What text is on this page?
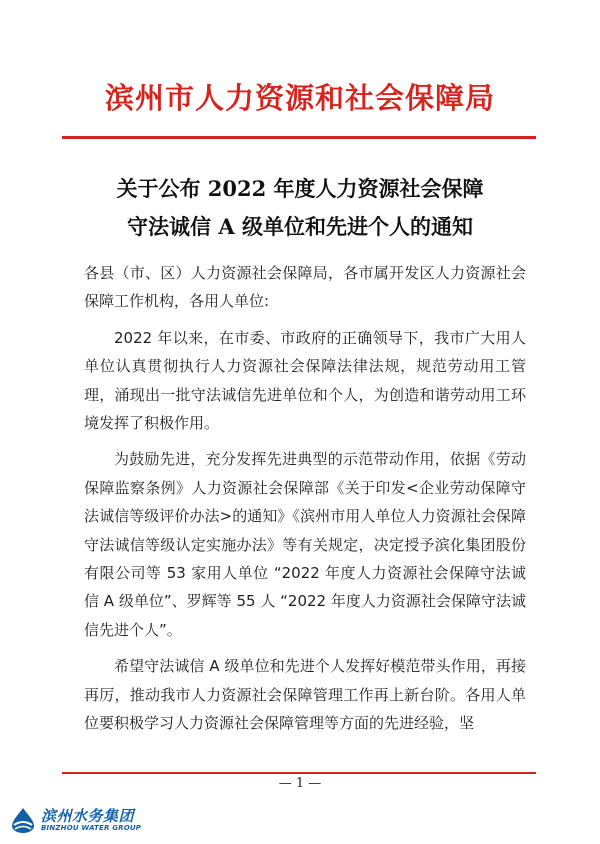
滨州市人力资源和社会保障局
关于公布 2022 年度人力资源社会保障
守法诚信 A 级单位和先进个人的通知

各县（市、区）人力资源社会保障局，各市属开发区人力资源社会保障工作机构，各用人单位:

2022 年以来，在市委、市政府的正确领导下，我市广大用人单位认真贯彻执行人力资源社会保障法律法规，规范劳动用工管理，涌现出一批守法诚信先进单位和个人，为创造和谐劳动用工环境发挥了积极作用。

为鼓励先进，充分发挥先进典型的示范带动作用，依据《劳动保障监察条例》人力资源社会保障部《关于印发<企业劳动保障守法诚信等级评价办法>的通知》《滨州市用人单位人力资源社会保障守法诚信等级认定实施办法》等有关规定，决定授予滨化集团股份有限公司等 53 家用人单位 “2022 年度人力资源社会保障守法诚信 A 级单位”、罗辉等 55 人 “2022 年度人力资源社会保障守法诚信先进个人”。

希望守法诚信 A 级单位和先进个人发挥好模范带头作用，再接再厉，推动我市人力资源社会保障管理工作再上新台阶。各用人单位要积极学习人力资源社会保障管理等方面的先进经验，坚

— 1 —
滨州水务集团
BINZHOU WATER GROUP
